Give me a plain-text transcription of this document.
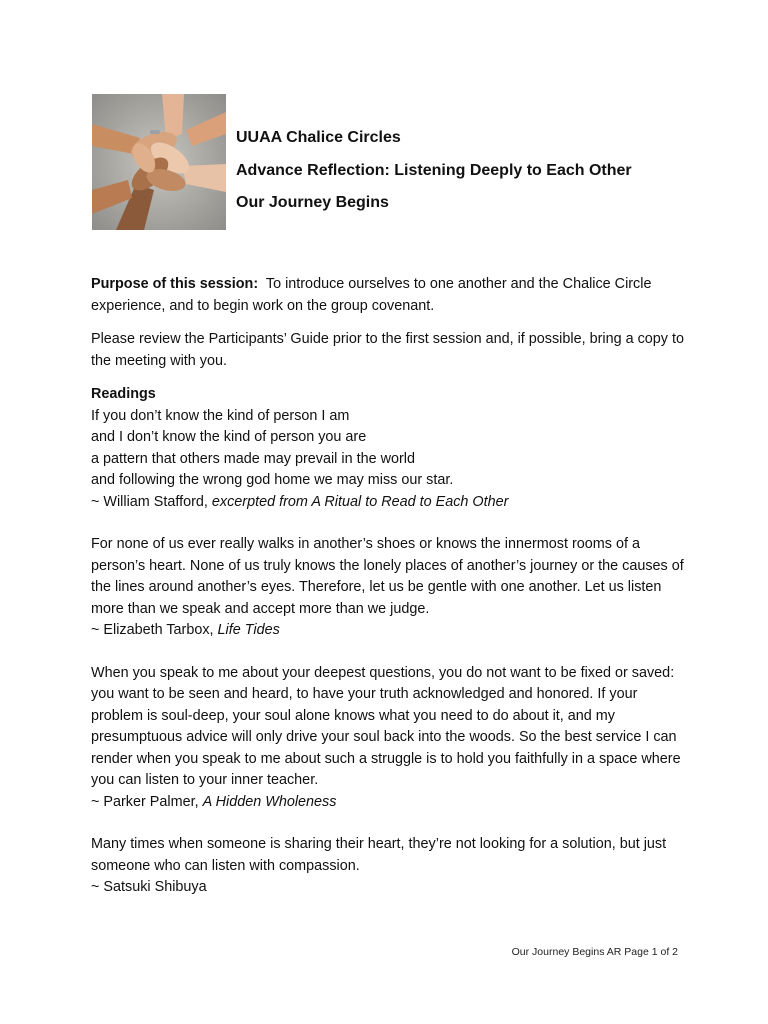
UUAA Chalice Circles
Advance Reflection: Listening Deeply to Each Other
Our Journey Begins

Purpose of this session: To introduce ourselves to one another and the Chalice Circle experience, and to begin work on the group covenant.

Please review the Participants’ Guide prior to the first session and, if possible, bring a copy to the meeting with you.

Readings

If you don’t know the kind of person I am

and I don’t know the kind of person you are

a pattern that others made may prevail in the world

and following the wrong god home we may miss our star.

~ William Stafford, excerpted from A Ritual to Read to Each Other

For none of us ever really walks in another’s shoes or knows the innermost rooms of a person’s heart. None of us truly knows the lonely places of another’s journey or the causes of the lines around another’s eyes. Therefore, let us be gentle with one another. Let us listen more than we speak and accept more than we judge.

~ Elizabeth Tarbox, Life Tides

When you speak to me about your deepest questions, you do not want to be fixed or saved: you want to be seen and heard, to have your truth acknowledged and honored. If your problem is soul-deep, your soul alone knows what you need to do about it, and my presumptuous advice will only drive your soul back into the woods. So the best service I can render when you speak to me about such a struggle is to hold you faithfully in a space where you can listen to your inner teacher.

~ Parker Palmer, A Hidden Wholeness

Many times when someone is sharing their heart, they’re not looking for a solution, but just someone who can listen with compassion.

~ Satsuki Shibuya

Our Journey Begins AR Page 1 of 2
